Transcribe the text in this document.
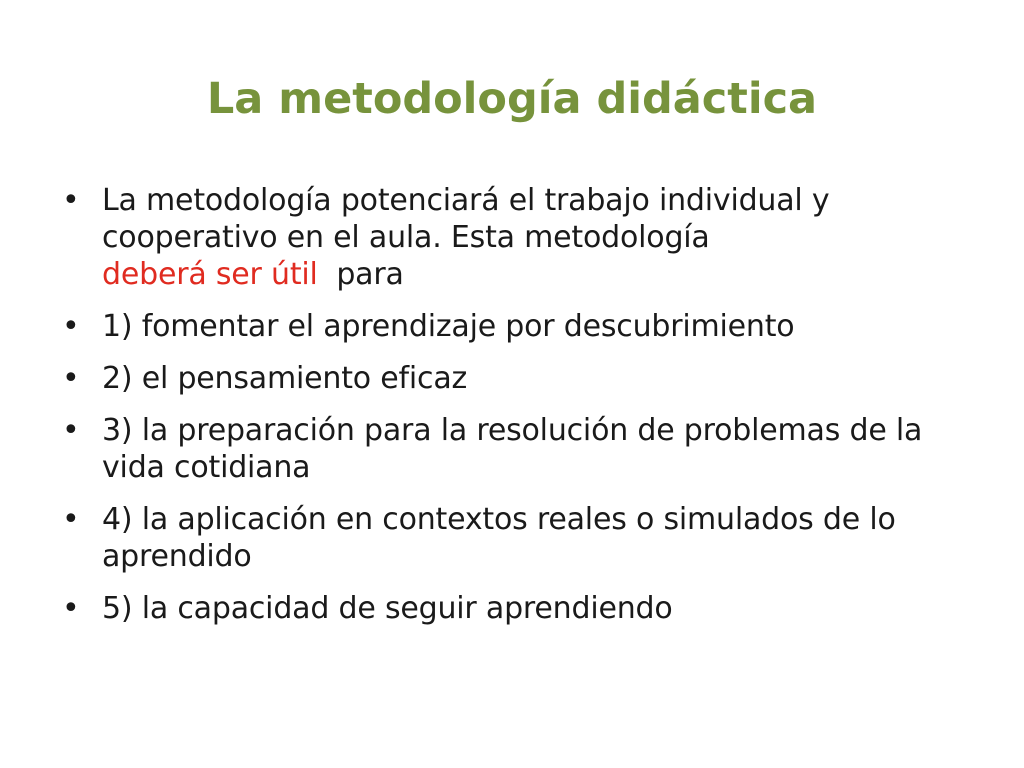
La metodología didáctica
• La metodología potenciará el trabajo individual y cooperativo en el aula. Esta metodología
deberá ser útil  para
• 1) fomentar el aprendizaje por descubrimiento
• 2) el pensamiento eficaz
• 3) la preparación para la resolución de problemas de la vida cotidiana
• 4) la aplicación en contextos reales o simulados de lo aprendido
• 5) la capacidad de seguir aprendiendo
